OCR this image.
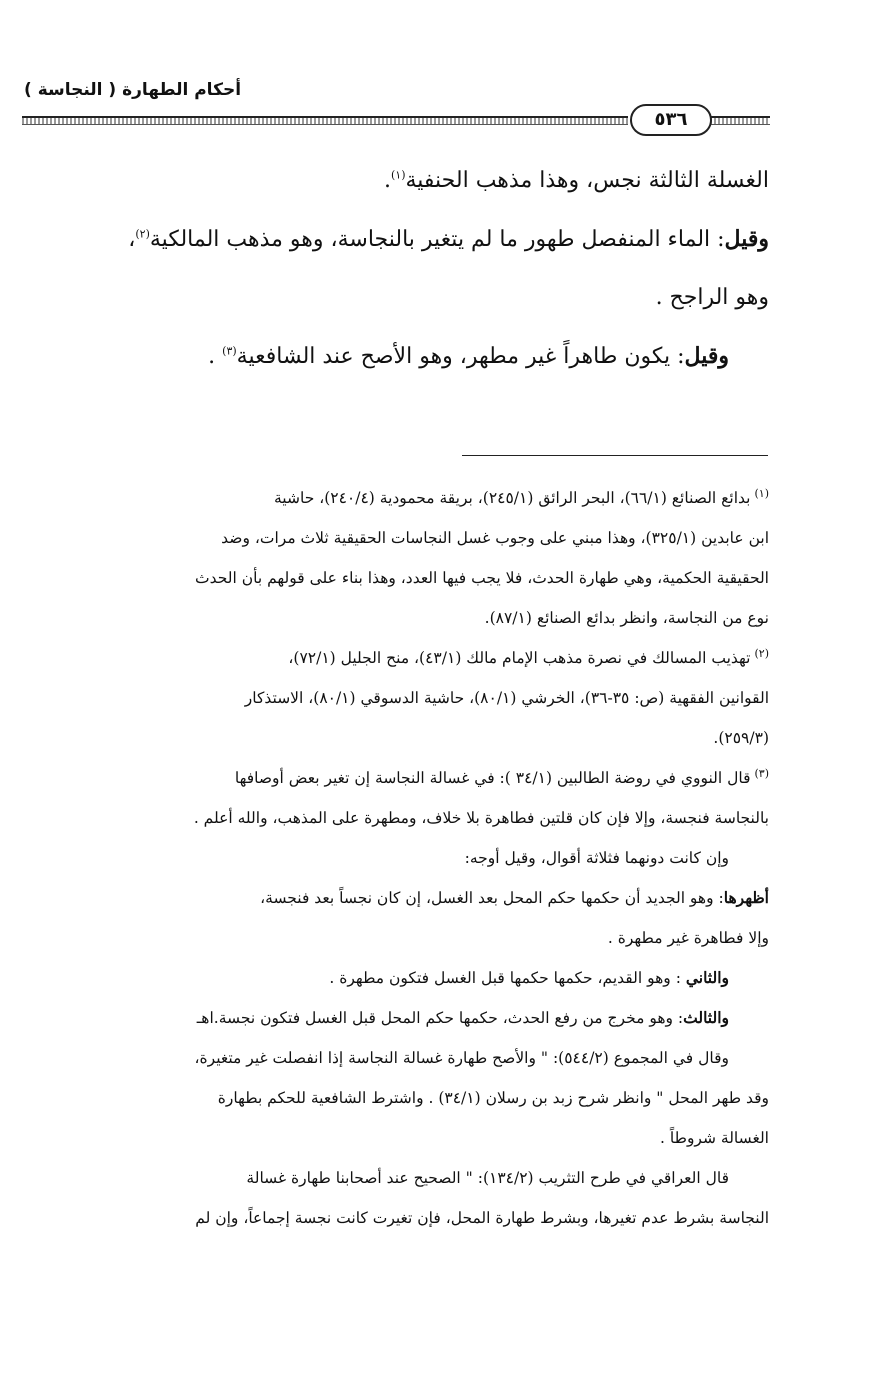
أحكام الطهارة ( النجاسة )
٥٣٦

الغسلة الثالثة نجس، وهذا مذهب الحنفية$^{(١)}$.

وقيل: الماء المنفصل طهور ما لم يتغير بالنجاسة، وهو مذهب المالكية$^{(٢)}$،

وهو الراجح .

وقيل: يكون طاهراً غير مطهر، وهو الأصح عند الشافعية$^{(٣)}$ .

$^{(١)}$بدائع الصنائع (٦٦/١)، البحر الرائق (٢٤٥/١)، بريقة محمودية (٢٤٠/٤)، حاشية

ابن عابدين (٣٢٥/١)، وهذا مبني على وجوب غسل النجاسات الحقيقية ثلاث مرات، وضد

الحقيقية الحكمية، وهي طهارة الحدث، فلا يجب فيها العدد، وهذا بناء على قولهم بأن الحدث

نوع من النجاسة، وانظر بدائع الصنائع (٨٧/١).

$^{(٢)}$تهذيب المسالك في نصرة مذهب الإمام مالك (٤٣/١)، منح الجليل (٧٢/١)،

القوانين الفقهية (ص: ٣٥-٣٦)، الخرشي (٨٠/١)، حاشية الدسوقي (٨٠/١)، الاستذكار

(٢٥٩/٣).

$^{(٣)}$قال النووي في روضة الطالبين (٣٤/١ ): في غسالة النجاسة إن تغير بعض أوصافها

بالنجاسة فنجسة، وإلا فإن كان قلتين فطاهرة بلا خلاف، ومطهرة على المذهب، والله أعلم .

وإن كانت دونهما فثلاثة أقوال، وقيل أوجه:

أظهرها: وهو الجديد أن حكمها حكم المحل بعد الغسل، إن كان نجساً بعد فنجسة،

وإلا فطاهرة غير مطهرة .

والثاني : وهو القديم، حكمها حكمها قبل الغسل فتكون مطهرة .

والثالث: وهو مخرج من رفع الحدث، حكمها حكم المحل قبل الغسل فتكون نجسة.اهـ

وقال في المجموع (٥٤٤/٢): " والأصح طهارة غسالة النجاسة إذا انفصلت غير متغيرة،

وقد طهر المحل " وانظر شرح زبد بن رسلان (٣٤/١) . واشترط الشافعية للحكم بطهارة

الغسالة شروطاً .

قال العراقي في طرح التثريب (١٣٤/٢): " الصحيح عند أصحابنا طهارة غسالة

النجاسة بشرط عدم تغيرها، وبشرط طهارة المحل، فإن تغيرت كانت نجسة إجماعاً، وإن لم
